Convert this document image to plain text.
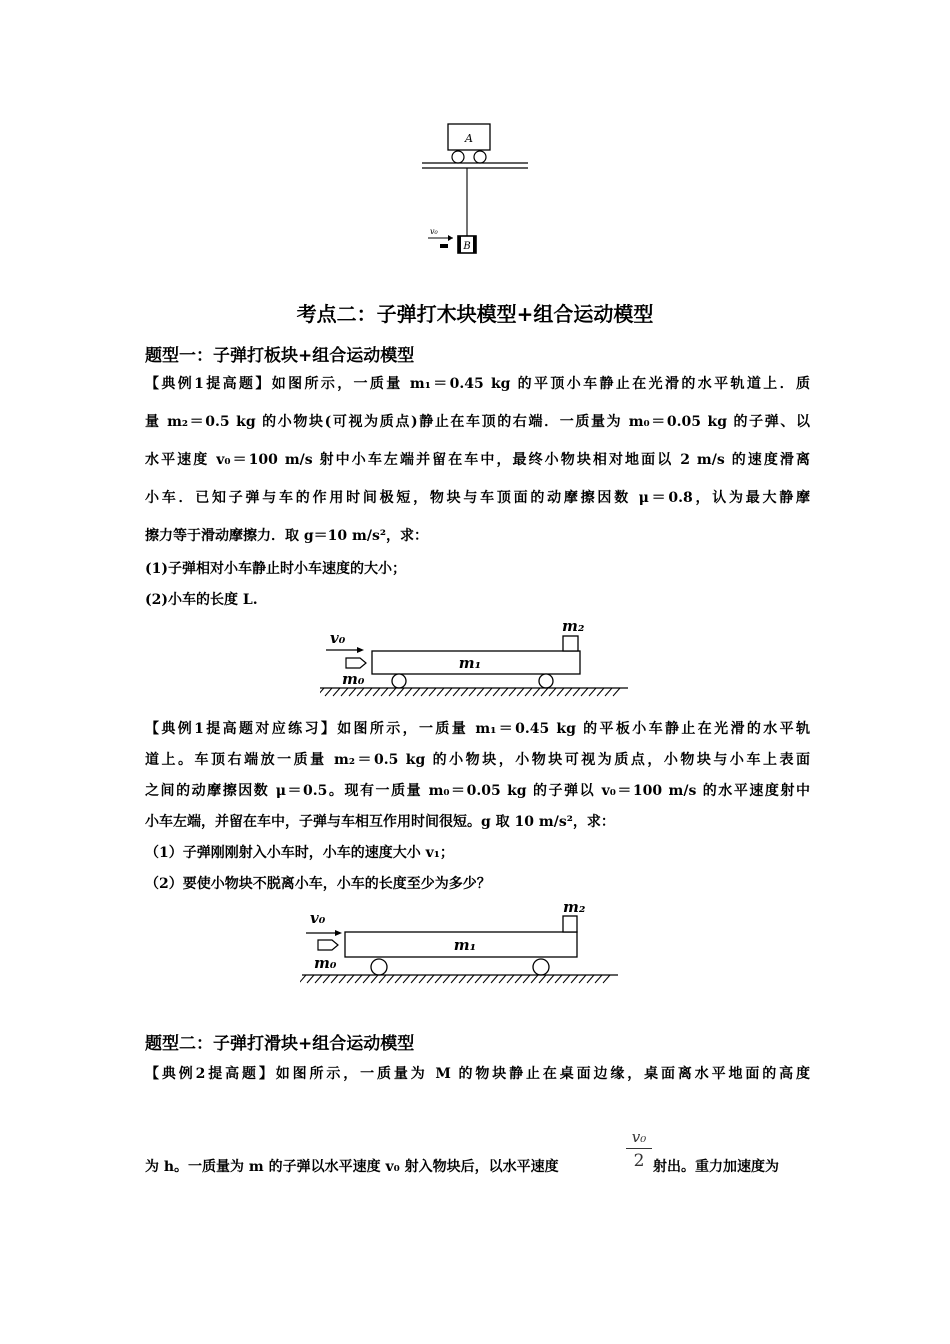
A
B
v₀
考点二：子弹打木块模型+组合运动模型
题型一：子弹打板块+组合运动模型
【典例1提高题】如图所示，一质量 m₁＝0.45 kg 的平顶小车静止在光滑的水平轨道上．质
量 m₂＝0.5 kg 的小物块(可视为质点)静止在车顶的右端．一质量为 m₀＝0.05 kg 的子弹、以
水平速度 v₀＝100 m/s 射中小车左端并留在车中，最终小物块相对地面以 2 m/s 的速度滑离
小车．已知子弹与车的作用时间极短，物块与车顶面的动摩擦因数 μ＝0.8，认为最大静摩
擦力等于滑动摩擦力．取 g＝10 m/s²，求：
(1)子弹相对小车静止时小车速度的大小；
(2)小车的长度 L.
v₀
m₀
m₁
m₂
【典例1提高题对应练习】如图所示，一质量 m₁＝0.45 kg 的平板小车静止在光滑的水平轨
道上。车顶右端放一质量 m₂＝0.5 kg 的小物块，小物块可视为质点，小物块与小车上表面
之间的动摩擦因数 μ＝0.5。现有一质量 m₀＝0.05 kg 的子弹以 v₀＝100 m/s 的水平速度射中
小车左端，并留在车中，子弹与车相互作用时间很短。g 取 10 m/s²，求：
（1）子弹刚刚射入小车时，小车的速度大小 v₁；
（2）要使小物块不脱离小车，小车的长度至少为多少？
v₀
m₀
m₁
m₂
题型二：子弹打滑块+组合运动模型
【典例2提高题】如图所示，一质量为 M 的物块静止在桌面边缘，桌面离水平地面的高度
为 h。一质量为 m 的子弹以水平速度 v₀ 射入物块后，以水平速度
v₀
2 射出。重力加速度为
